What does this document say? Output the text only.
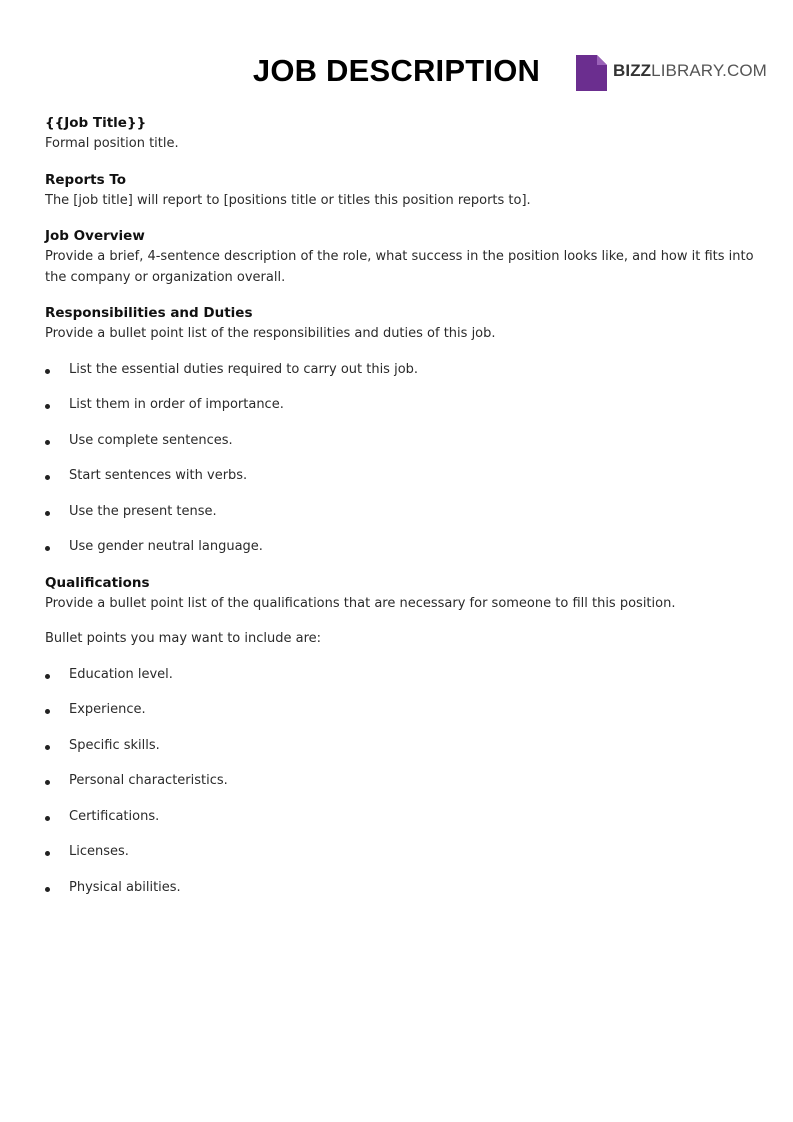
JOB DESCRIPTION	BIZZLIBRARY.COM

{{Job Title}}

Formal position title.

Reports To

The [job title] will report to [positions title or titles this position reports to].

Job Overview

Provide a brief, 4-sentence description of the role, what success in the position looks like, and how it fits into the company or organization overall.

Responsibilities and Duties

Provide a bullet point list of the responsibilities and duties of this job.

List the essential duties required to carry out this job.
List them in order of importance.
Use complete sentences.
Start sentences with verbs.
Use the present tense.
Use gender neutral language.

Qualifications

Provide a bullet point list of the qualifications that are necessary for someone to fill this position.

Bullet points you may want to include are:

Education level.
Experience.
Specific skills.
Personal characteristics.
Certifications.
Licenses.
Physical abilities.
